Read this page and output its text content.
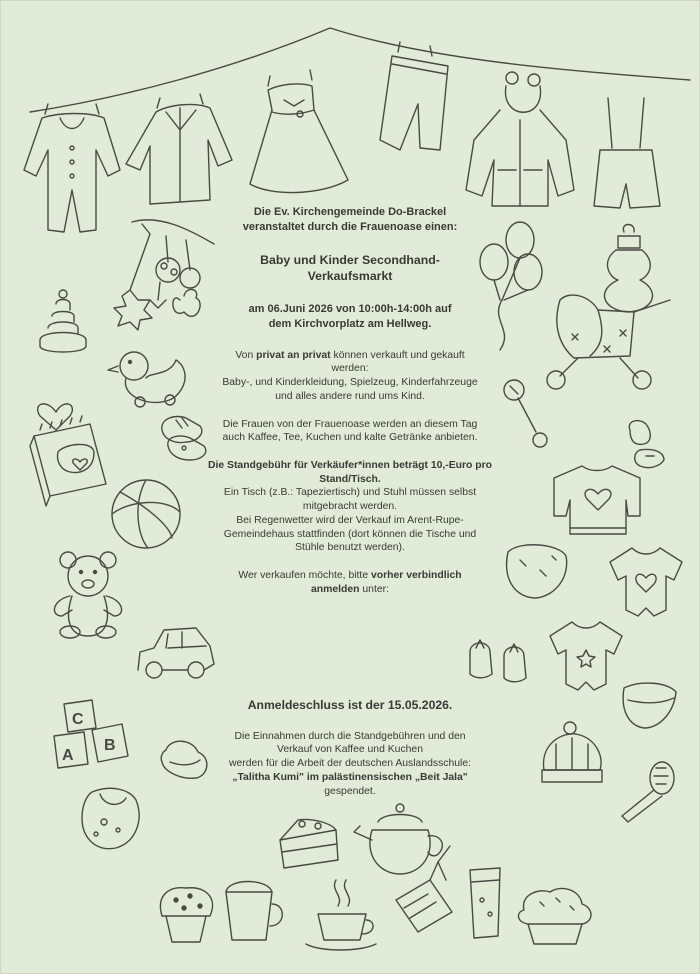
C
A
B

Die Ev. Kirchengemeinde Do-Brackel
veranstaltet durch die Frauenoase einen:

Baby und Kinder Secondhand-
Verkaufsmarkt

am 06.Juni 2026 von 10:00h-14:00h auf
dem Kirchvorplatz am Hellweg.

Von privat an privat können verkauft und gekauft
werden:
Baby-, und Kinderkleidung, Spielzeug, Kinderfahrzeuge
und alles andere rund ums Kind.

Die Frauen von der Frauenoase werden an diesem Tag
auch Kaffee, Tee, Kuchen und kalte Getränke anbieten.

Die Standgebühr für Verkäufer*innen beträgt 10,-Euro pro
Stand/Tisch.
Ein Tisch (z.B.: Tapeziertisch) und Stuhl müssen selbst
mitgebracht werden.
Bei Regenwetter wird der Verkauf im Arent-Rupe-
Gemeindehaus stattfinden (dort können die Tische und
Stühle benutzt werden).

Wer verkaufen möchte, bitte vorher verbindlich
anmelden unter:

Anmeldeschluss ist der 15.05.2026.

Die Einnahmen durch die Standgebühren und den
Verkauf von Kaffee und Kuchen
werden für die Arbeit der deutschen Auslandsschule:
„Talitha Kumi" im palästinensischen „Beit Jala"
gespendet.
